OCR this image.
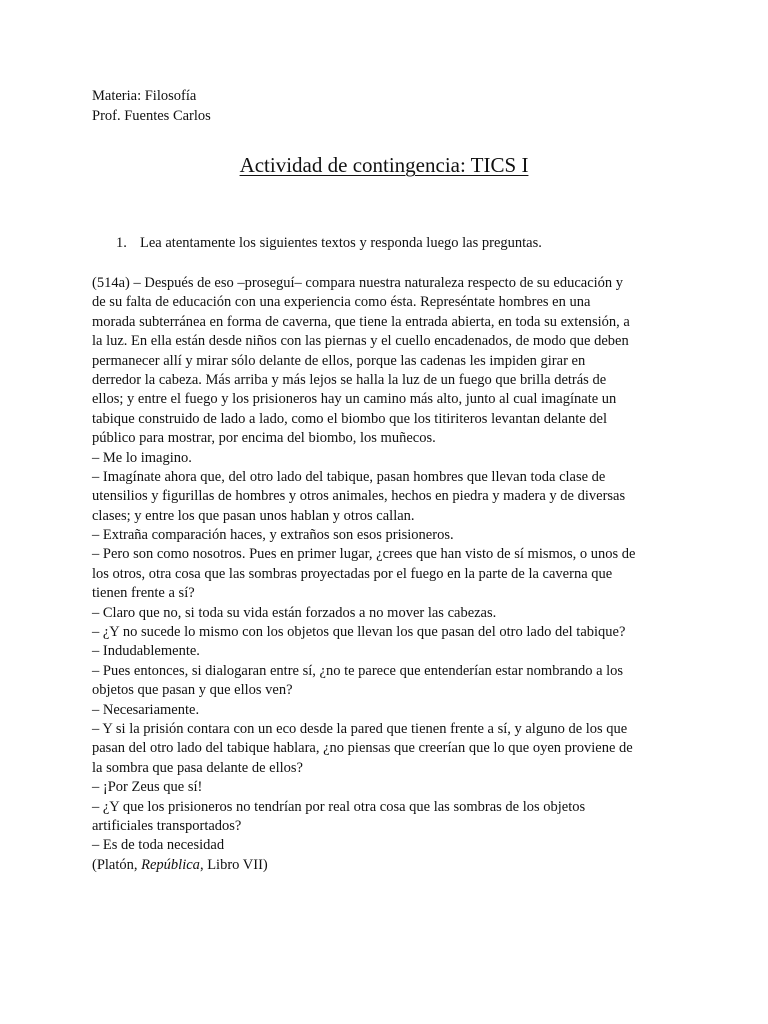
Materia: Filosofía
Prof. Fuentes Carlos
Actividad de contingencia: TICS I
1. Lea atentamente los siguientes textos y responda luego las preguntas.
(514a) – Después de eso –proseguí– compara nuestra naturaleza respecto de su educación y
de su falta de educación con una experiencia como ésta. Represéntate hombres en una
morada subterránea en forma de caverna, que tiene la entrada abierta, en toda su extensión, a
la luz. En ella están desde niños con las piernas y el cuello encadenados, de modo que deben
permanecer allí y mirar sólo delante de ellos, porque las cadenas les impiden girar en
derredor la cabeza. Más arriba y más lejos se halla la luz de un fuego que brilla detrás de
ellos; y entre el fuego y los prisioneros hay un camino más alto, junto al cual imagínate un
tabique construido de lado a lado, como el biombo que los titiriteros levantan delante del
público para mostrar, por encima del biombo, los muñecos.
– Me lo imagino.
– Imagínate ahora que, del otro lado del tabique, pasan hombres que llevan toda clase de
utensilios y figurillas de hombres y otros animales, hechos en piedra y madera y de diversas
clases; y entre los que pasan unos hablan y otros callan.
– Extraña comparación haces, y extraños son esos prisioneros.
– Pero son como nosotros. Pues en primer lugar, ¿crees que han visto de sí mismos, o unos de
los otros, otra cosa que las sombras proyectadas por el fuego en la parte de la caverna que
tienen frente a sí?
– Claro que no, si toda su vida están forzados a no mover las cabezas.
– ¿Y no sucede lo mismo con los objetos que llevan los que pasan del otro lado del tabique?
– Indudablemente.
– Pues entonces, si dialogaran entre sí, ¿no te parece que entenderían estar nombrando a los
objetos que pasan y que ellos ven?
– Necesariamente.
– Y si la prisión contara con un eco desde la pared que tienen frente a sí, y alguno de los que
pasan del otro lado del tabique hablara, ¿no piensas que creerían que lo que oyen proviene de
la sombra que pasa delante de ellos?
– ¡Por Zeus que sí!
– ¿Y que los prisioneros no tendrían por real otra cosa que las sombras de los objetos
artificiales transportados?
– Es de toda necesidad
(Platón, República, Libro VII)
